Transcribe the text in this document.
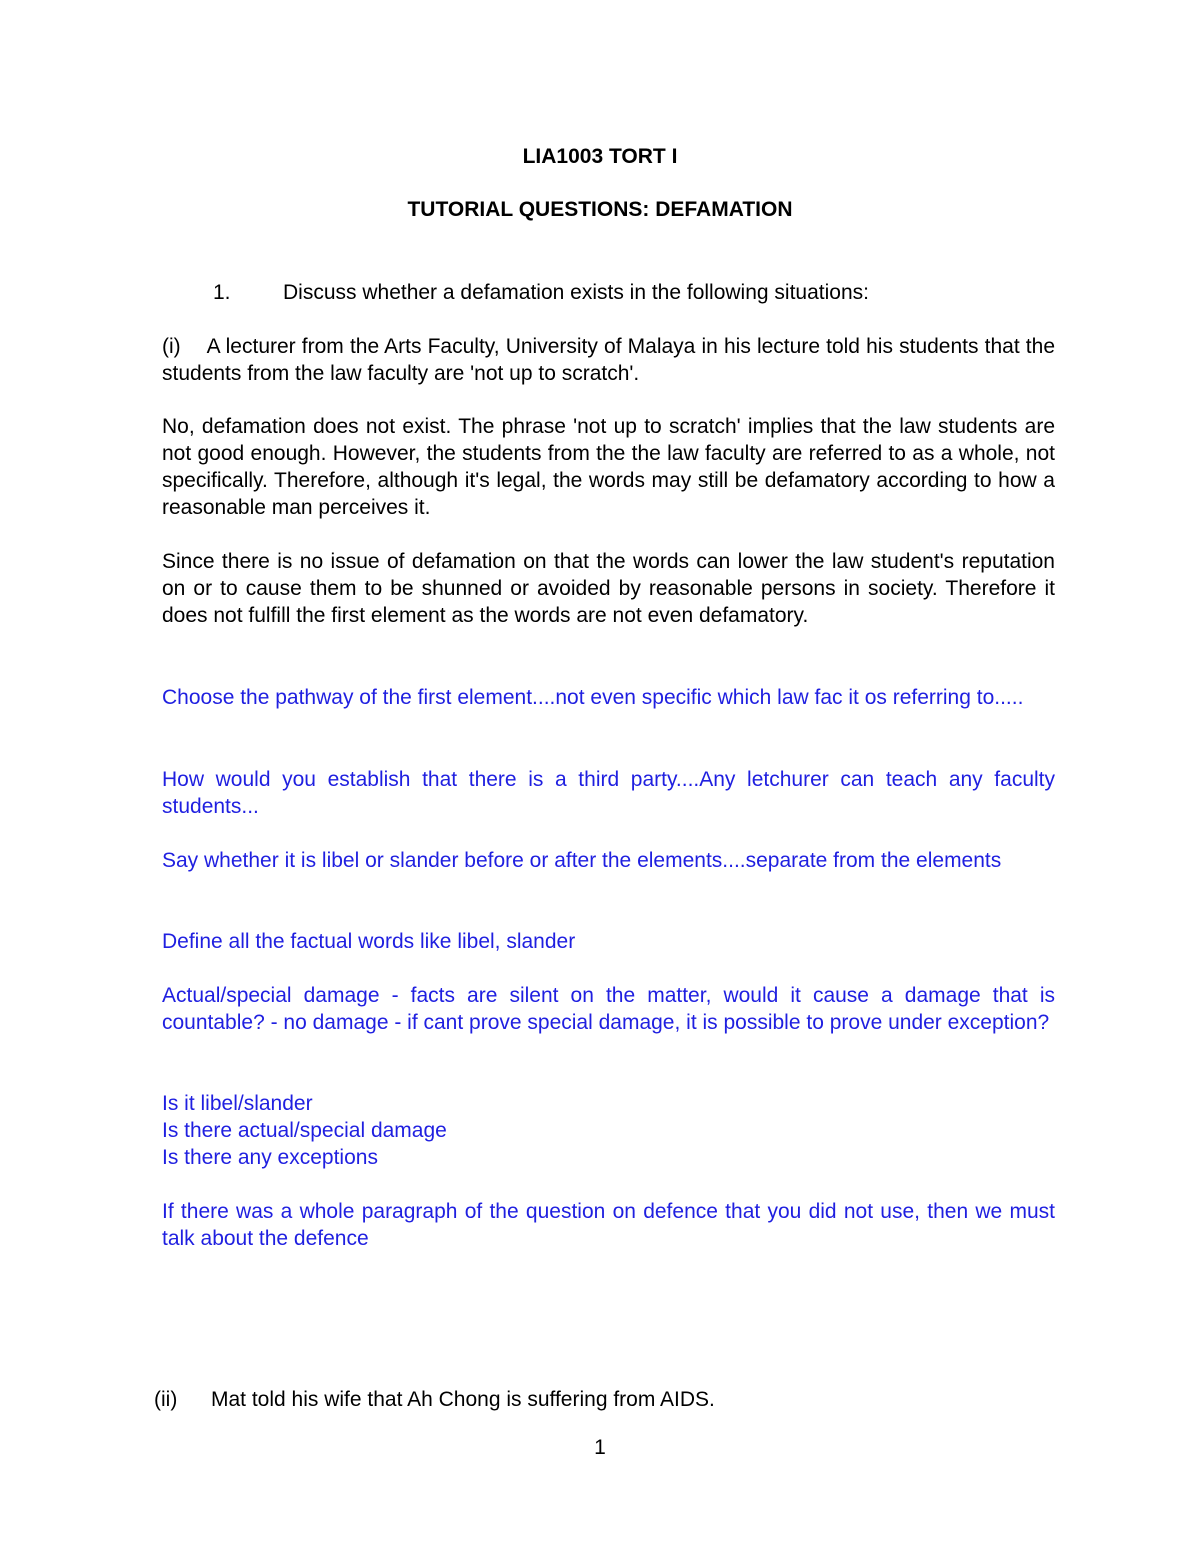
LIA1003 TORT I
TUTORIAL QUESTIONS: DEFAMATION
1. Discuss whether a defamation exists in the following situations:
(i) A lecturer from the Arts Faculty, University of Malaya in his lecture told his students that the students from the law faculty are 'not up to scratch'.
No, defamation does not exist. The phrase 'not up to scratch' implies that the law students are not good enough. However, the students from the the law faculty are referred to as a whole, not specifically. Therefore, although it's legal, the words may still be defamatory according to how a reasonable man perceives it.
Since there is no issue of defamation on that the words can lower the law student's reputation on or to cause them to be shunned or avoided by reasonable persons in society. Therefore it does not fulfill the first element as the words are not even defamatory.
Choose the pathway of the first element....not even specific which law fac it os referring to.....
How would you establish that there is a third party....Any letchurer can teach any faculty students...
Say whether it is libel or slander before or after the elements....separate from the elements
Define all the factual words like libel, slander
Actual/special damage - facts are silent on the matter, would it cause a damage that is countable? - no damage - if cant prove special damage, it is possible to prove under exception?
Is it libel/slander
Is there actual/special damage
Is there any exceptions
If there was a whole paragraph of the question on defence that you did not use, then we must talk about the defence
(ii) Mat told his wife that Ah Chong is suffering from AIDS.
1
